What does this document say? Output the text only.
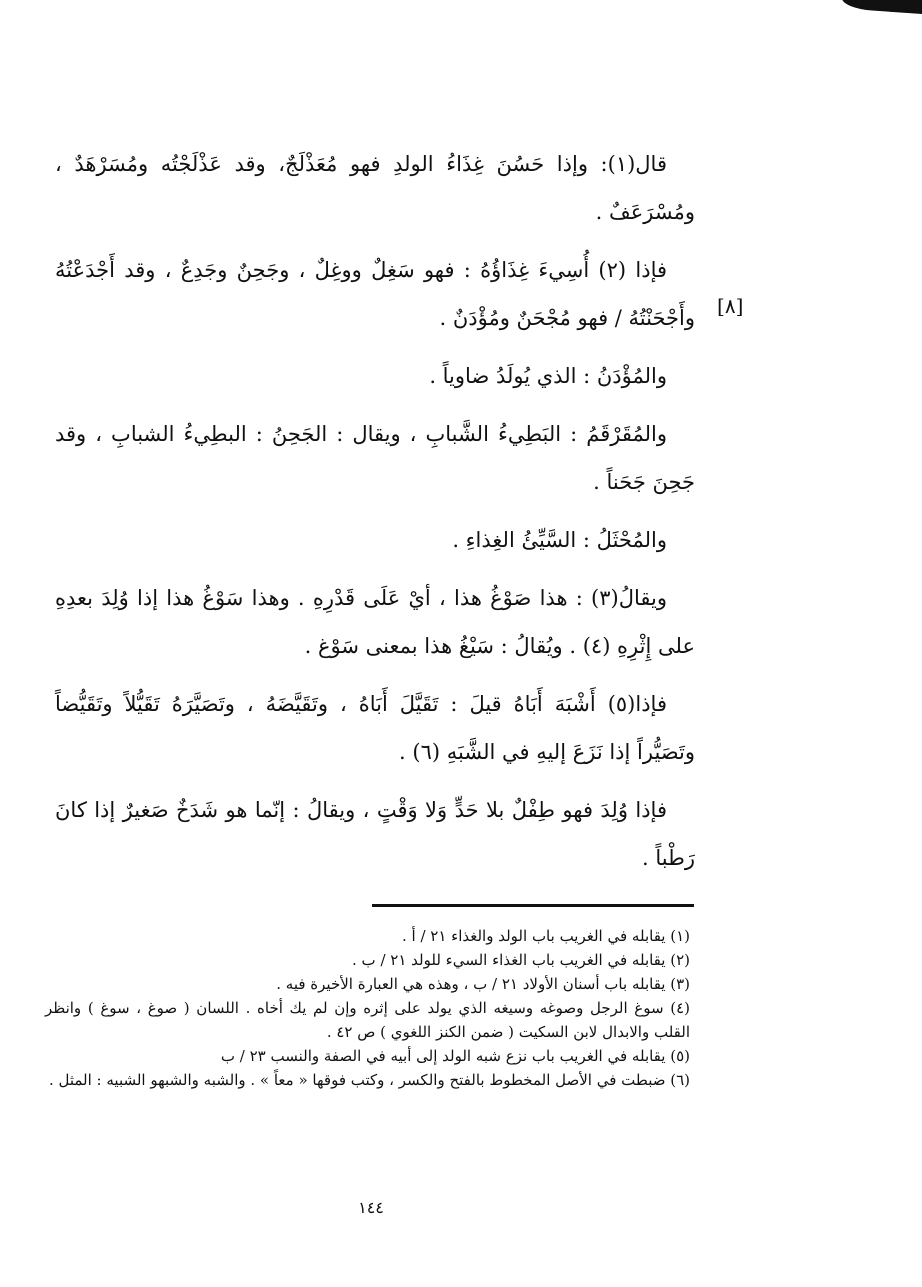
قال(١): وإذا حَسُنَ غِذَاءُ الولدِ فهو مُعَذْلَجٌ، وقد عَذْلَجْتُه ومُسَرْهَدٌ ، ومُسْرَعَفٌ .

فإذا (٢) أُسِيءَ غِذَاؤُهُ : فهو سَغِلٌ ووغِلٌ ، وجَحِنٌ وجَدِعٌ ، وقد أَجْدَعْتُهُ وأَجْحَنْتُهُ / فهو مُجْحَنٌ ومُؤْدَنٌ .

والمُؤْدَنُ : الذي يُولَدُ ضاوياً .

والمُقَرْقَمُ : البَطِيءُ الشَّبابِ ، ويقال : الجَحِنُ : البطِيءُ الشبابِ ، وقد جَحِنَ جَحَناً .

والمُحْثَلُ : السَّيِّئُ الغِذاءِ .

ويقالُ(٣) : هذا صَوْغُ هذا ، أيْ عَلَى قَدْرِهِ . وهذا سَوْغُ هذا إذا وُلِدَ بعدِهِ على إِثْرِهِ (٤) . ويُقالُ : سَيْغُ هذا بمعنى سَوْغ .

فإذا(٥) أَشْبَهَ أَبَاهُ قيلَ : تَقَيَّلَ أَبَاهُ ، وتَقَيَّضَهُ ، وتَصَيَّرَهُ تَقَيُّلاً وتَقَيُّضاً وتَصَيُّراً إذا نَزَعَ إليهِ في الشَّبَهِ (٦) .

فإذا وُلِدَ فهو طِفْلٌ بلا حَدٍّ وَلا وَقْتٍ ، ويقالُ : إنّما هو شَدَخٌ صَغيرٌ إذا كانَ رَطْباً .

[٨]
(١) يقابله في الغريب باب الولد والغذاء ٢١ / أ .
(٢) يقابله في الغريب باب الغذاء السيء للولد ٢١ / ب .
(٣) يقابله باب أسنان الأولاد ٢١ / ب ، وهذه هي العبارة الأخيرة فيه .
(٤) سوغ الرجل وصوغه وسيغه الذي يولد على إثره وإن لم يك أخاه . اللسان ( صوغ ، سوغ ) وانظر القلب والابدال لابن السكيت ( ضمن الكنز اللغوي ) ص ٤٢ .
(٥) يقابله في الغريب باب نزع شبه الولد إلى أبيه في الصفة والنسب ٢٣ / ب
(٦) ضبطت في الأصل المخطوط بالفتح والكسر ، وكتب فوقها « معاً » . والشبه والشبهو الشبيه : المثل .
١٤٤
